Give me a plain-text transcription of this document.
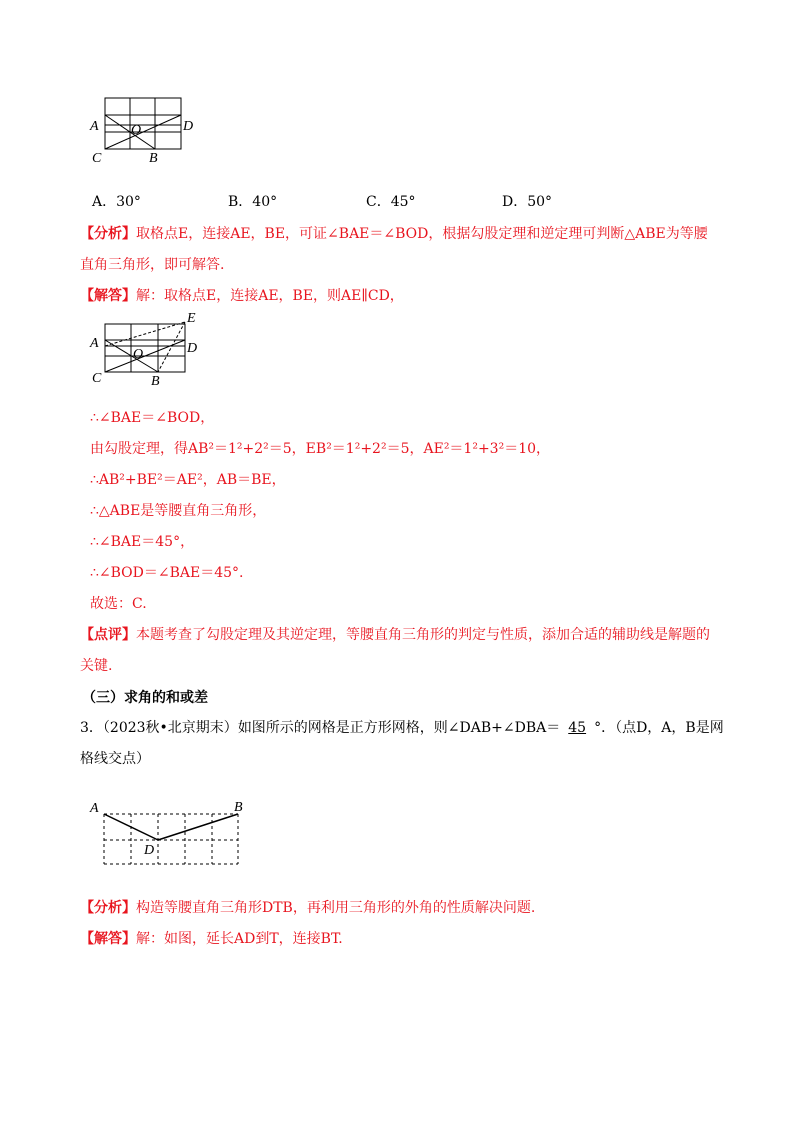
A
C
O
B
D
A．30°	B．40°	C．45°	D．50°
【分析】取格点E，连接AE，BE，可证∠BAE＝∠BOD，根据勾股定理和逆定理可判断△ABE为等腰
直角三角形，即可解答.
【解答】解：取格点E，连接AE，BE，则AE∥CD，
E
A
C
O
B
D
∴∠BAE＝∠BOD，
由勾股定理，得AB²＝1²+2²＝5，EB²＝1²+2²＝5，AE²＝1²+3²＝10，
∴AB²+BE²＝AE²，AB＝BE，
∴△ABE是等腰直角三角形，
∴∠BAE＝45°，
∴∠BOD＝∠BAE＝45°.
故选：C.
【点评】本题考查了勾股定理及其逆定理，等腰直角三角形的判定与性质，添加合适的辅助线是解题的
关键.
（三）求角的和或差
3．（2023秋•北京期末）如图所示的网格是正方形网格，则∠DAB+∠DBA＝ 45 °．（点D，A，B是网
格线交点）
A	B
D
【分析】构造等腰直角三角形DTB，再利用三角形的外角的性质解决问题.
【解答】解：如图，延长AD到T，连接BT.
